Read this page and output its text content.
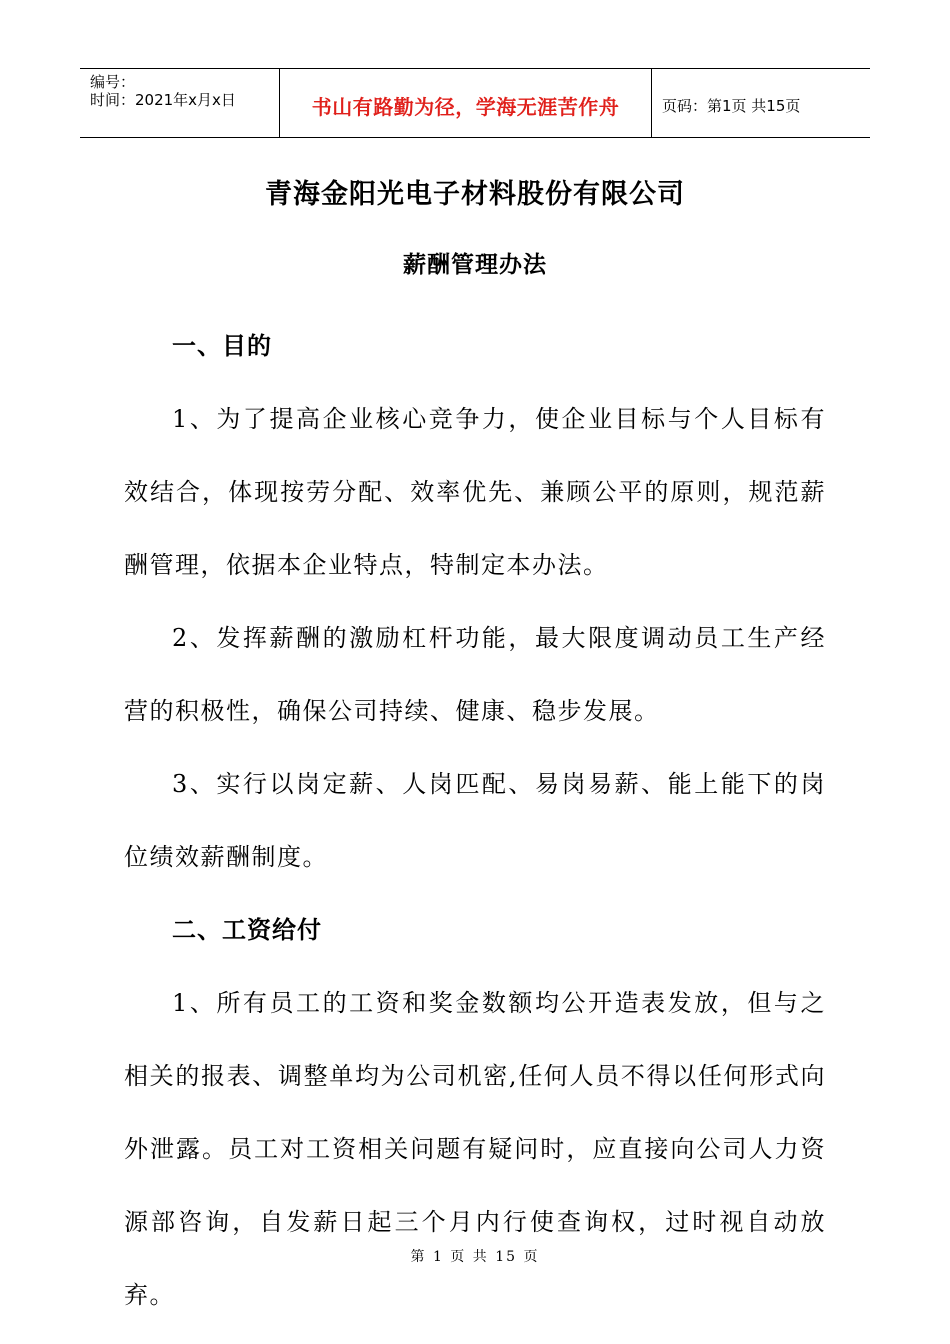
编号：
时间：2021年x月x日	书山有路勤为径，学海无涯苦作舟	页码：第1页 共15页
青海金阳光电子材料股份有限公司
薪酬管理办法
一、目的

1、为了提高企业核心竞争力，使企业目标与个人目标有效结合，体现按劳分配、效率优先、兼顾公平的原则，规范薪酬管理，依据本企业特点，特制定本办法。

2、发挥薪酬的激励杠杆功能，最大限度调动员工生产经营的积极性，确保公司持续、健康、稳步发展。

3、实行以岗定薪、人岗匹配、易岗易薪、能上能下的岗位绩效薪酬制度。

二、工资给付

1、所有员工的工资和奖金数额均公开造表发放，但与之相关的报表、调整单均为公司机密,任何人员不得以任何形式向外泄露。员工对工资相关问题有疑问时，应直接向公司人力资源部咨询，自发薪日起三个月内行使查询权，过时视自动放弃。

第 1 页 共 15 页
